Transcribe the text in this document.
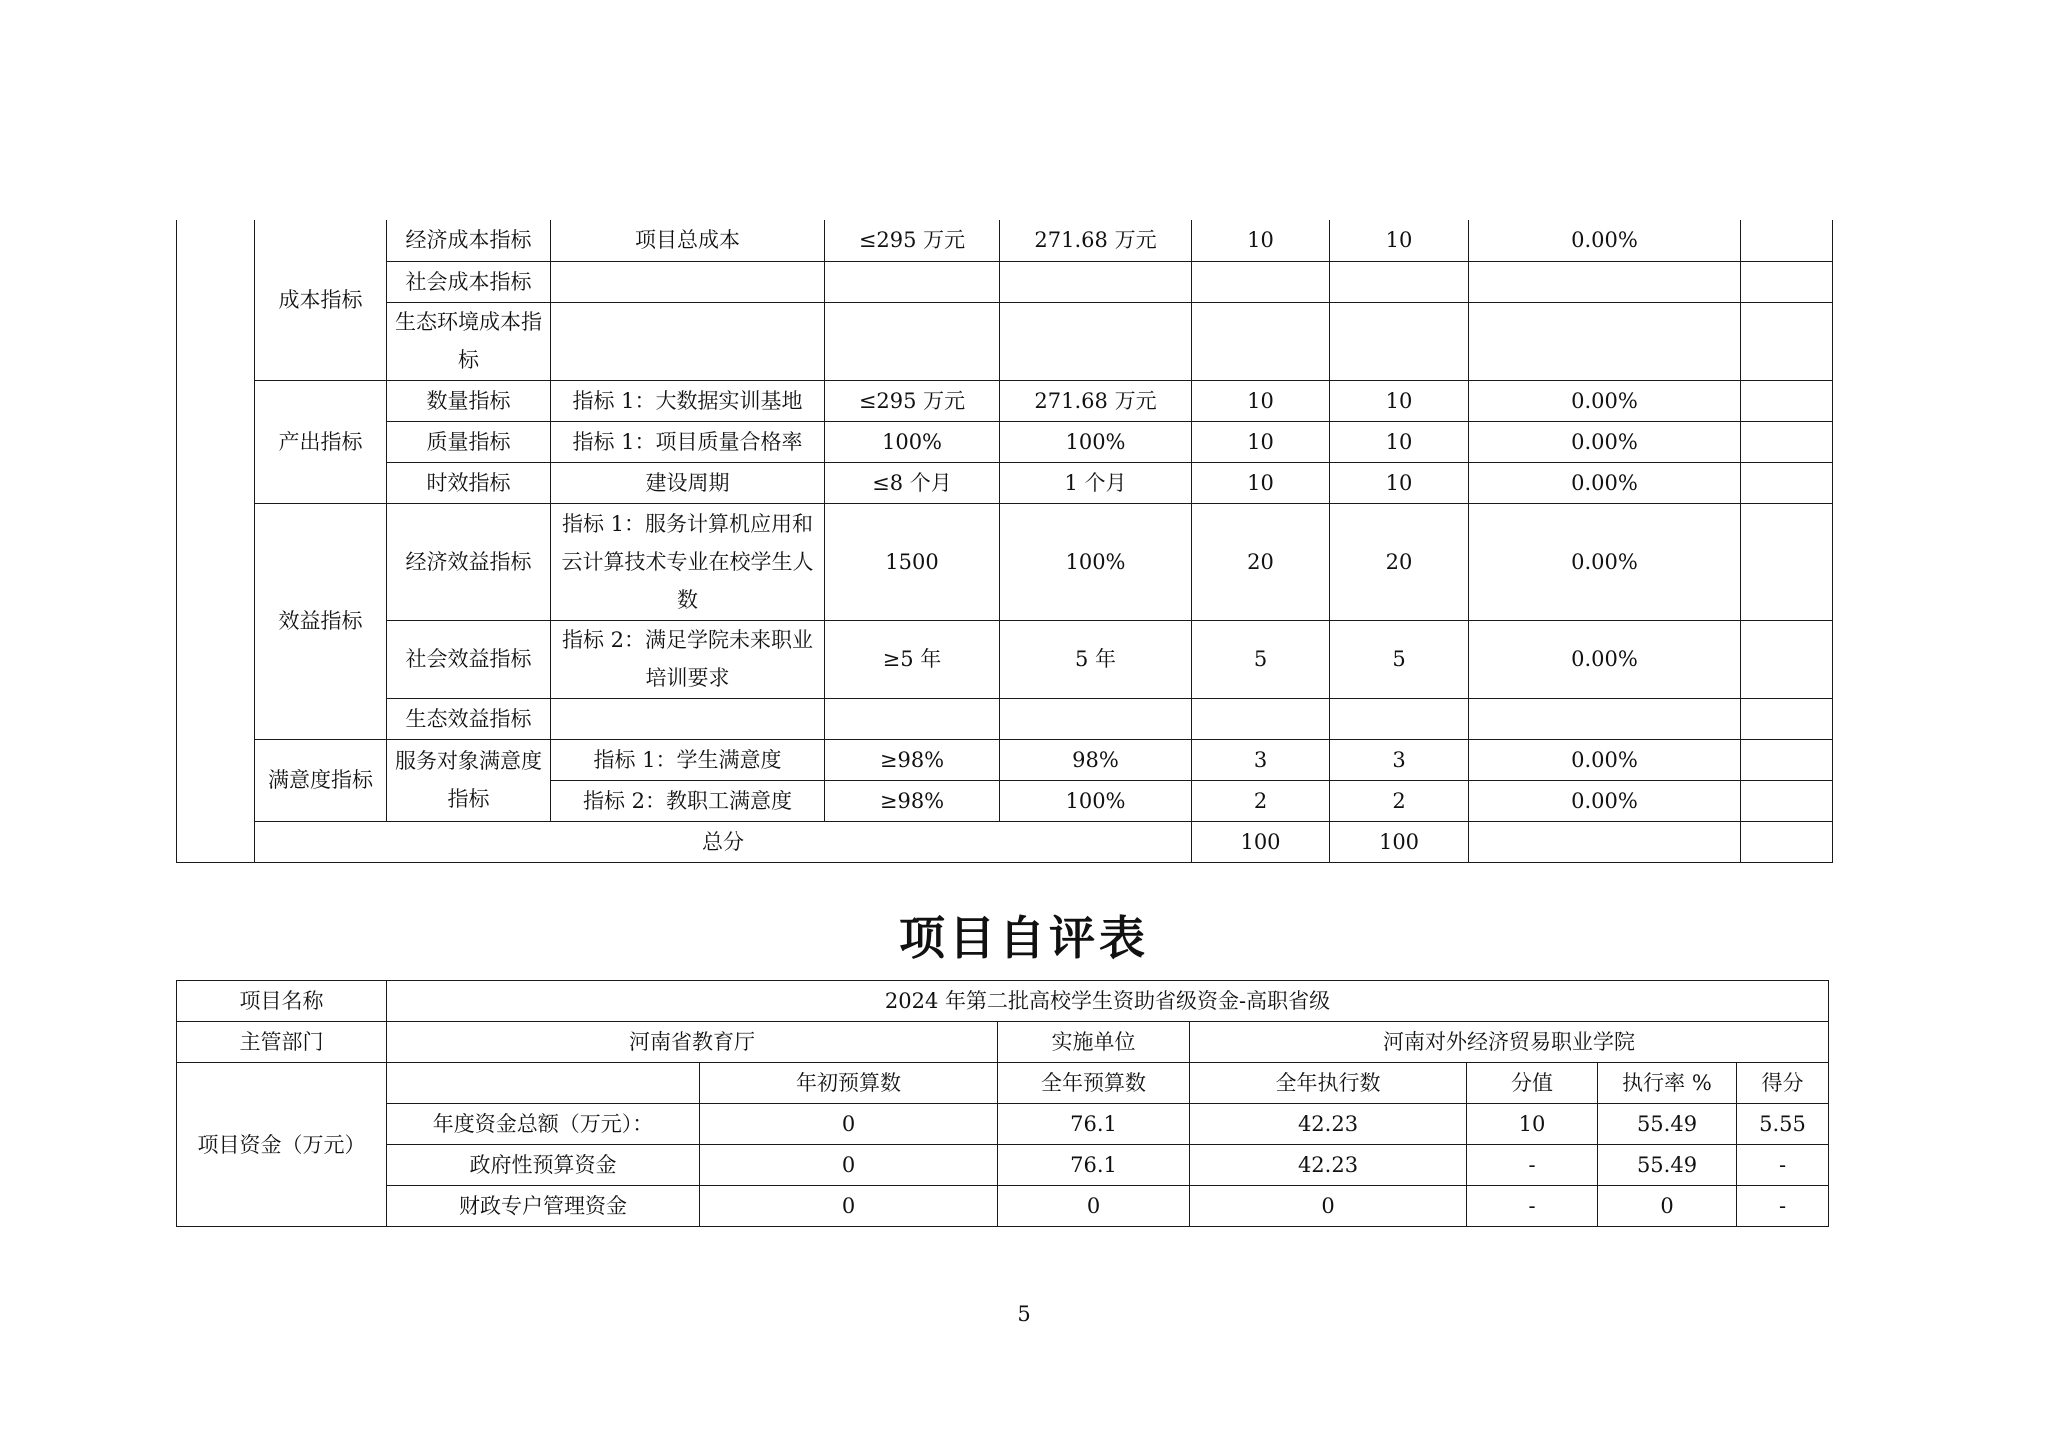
	成本指标	经济成本指标	项目总成本	≤295 万元	271.68 万元	10	10	0.00%	
		社会成本指标							
		生态环境成本指标							
	产出指标	数量指标	指标 1：大数据实训基地	≤295 万元	271.68 万元	10	10	0.00%	
		质量指标	指标 1：项目质量合格率	100%	100%	10	10	0.00%	
		时效指标	建设周期	≤8 个月	1 个月	10	10	0.00%	
	效益指标	经济效益指标	指标 1：服务计算机应用和云计算技术专业在校学生人数	1500	100%	20	20	0.00%	
		社会效益指标	指标 2：满足学院未来职业培训要求	≥5 年	5 年	5	5	0.00%	
		生态效益指标							
	满意度指标	服务对象满意度指标	指标 1：学生满意度	≥98%	98%	3	3	0.00%	
			指标 2：教职工满意度	≥98%	100%	2	2	0.00%	
	总分					100	100		
项目自评表
项目名称	2024 年第二批高校学生资助省级资金-高职省级						
主管部门	河南省教育厅		实施单位	河南对外经济贸易职业学院			
项目资金（万元）		年初预算数	全年预算数	全年执行数	分值	执行率 %	得分
	年度资金总额（万元）：	0	76.1	42.23	10	55.49	5.55
	政府性预算资金	0	76.1	42.23	-	55.49	-
	财政专户管理资金	0	0	0	-	0	-
5
